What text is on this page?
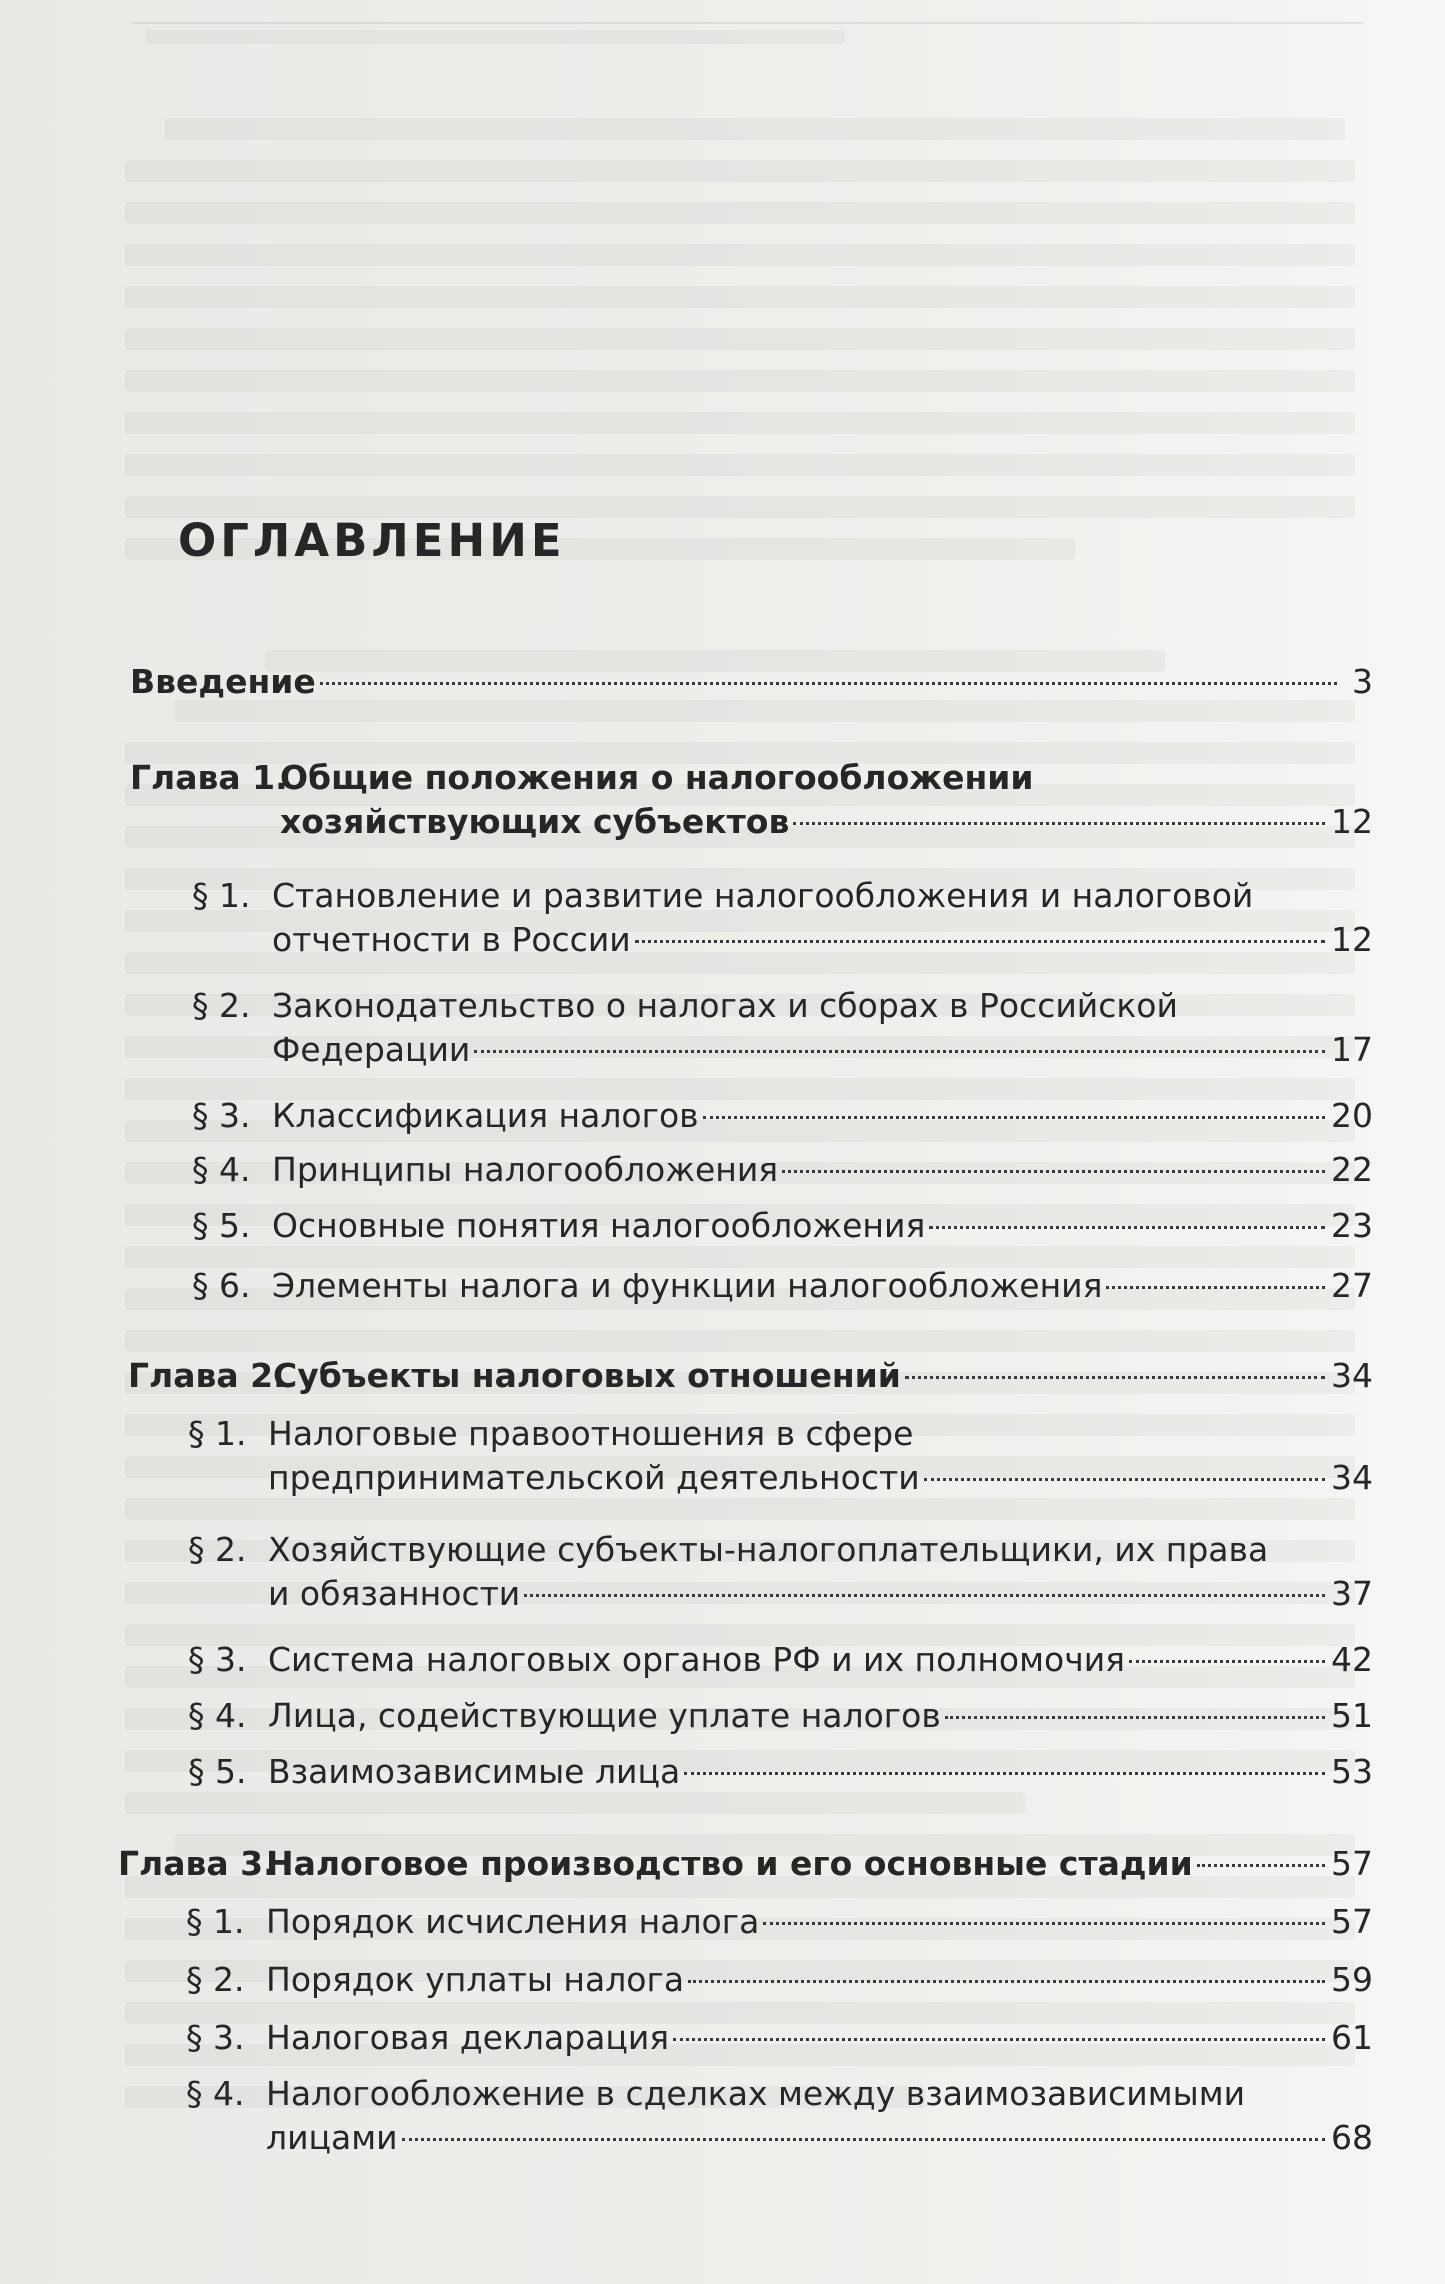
ОГЛАВЛЕНИЕ
Введение	3
Глава 1.
Общие положения о налогообложении
хозяйствующих субъектов	12
§ 1. Становление и развитие налогообложения и налоговой
отчетности в России	12
§ 2. Законодательство о налогах и сборах в Российской
Федерации	17
§ 3. Классификация налогов	20
§ 4. Принципы налогообложения	22
§ 5. Основные понятия налогообложения	23
§ 6. Элементы налога и функции налогообложения	27
Глава 2.
Субъекты налоговых отношений	34
§ 1. Налоговые правоотношения в сфере
предпринимательской деятельности	34
§ 2. Хозяйствующие субъекты-налогоплательщики, их права
и обязанности	37
§ 3. Система налоговых органов РФ и их полномочия	42
§ 4. Лица, содействующие уплате налогов	51
§ 5. Взаимозависимые лица	53
Глава 3.
Налоговое производство и его основные стадии	57
§ 1. Порядок исчисления налога	57
§ 2. Порядок уплаты налога	59
§ 3. Налоговая декларация	61
§ 4. Налогообложение в сделках между взаимозависимыми
лицами	68
